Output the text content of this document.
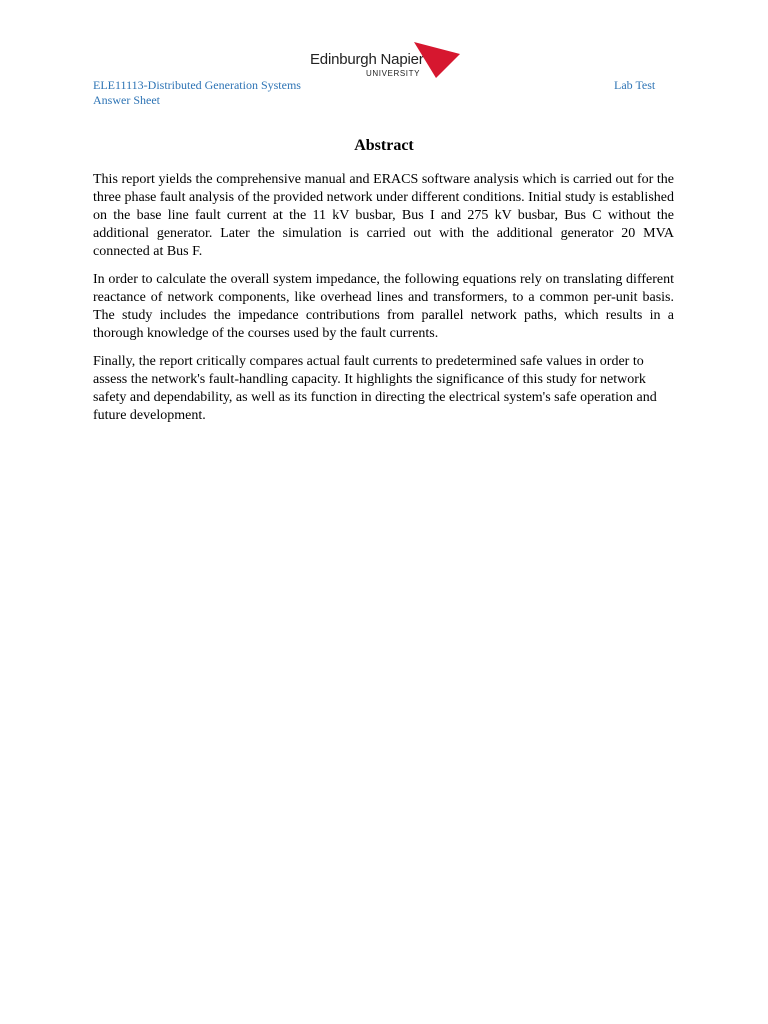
Edinburgh Napier
UNIVERSITY
ELE11113-Distributed Generation Systems
Answer Sheet
Lab Test
Abstract

This report yields the comprehensive manual and ERACS software analysis which is carried out for the three phase fault analysis of the provided network under different conditions. Initial study is established on the base line fault current at the 11 kV busbar, Bus I and 275 kV busbar, Bus C without the additional generator. Later the simulation is carried out with the additional generator 20 MVA connected at Bus F.

In order to calculate the overall system impedance, the following equations rely on translating different reactance of network components, like overhead lines and transformers, to a common per-unit basis. The study includes the impedance contributions from parallel network paths, which results in a thorough knowledge of the courses used by the fault currents.

Finally, the report critically compares actual fault currents to predetermined safe values in order to assess the network's fault-handling capacity. It highlights the significance of this study for network safety and dependability, as well as its function in directing the electrical system's safe operation and future development.
